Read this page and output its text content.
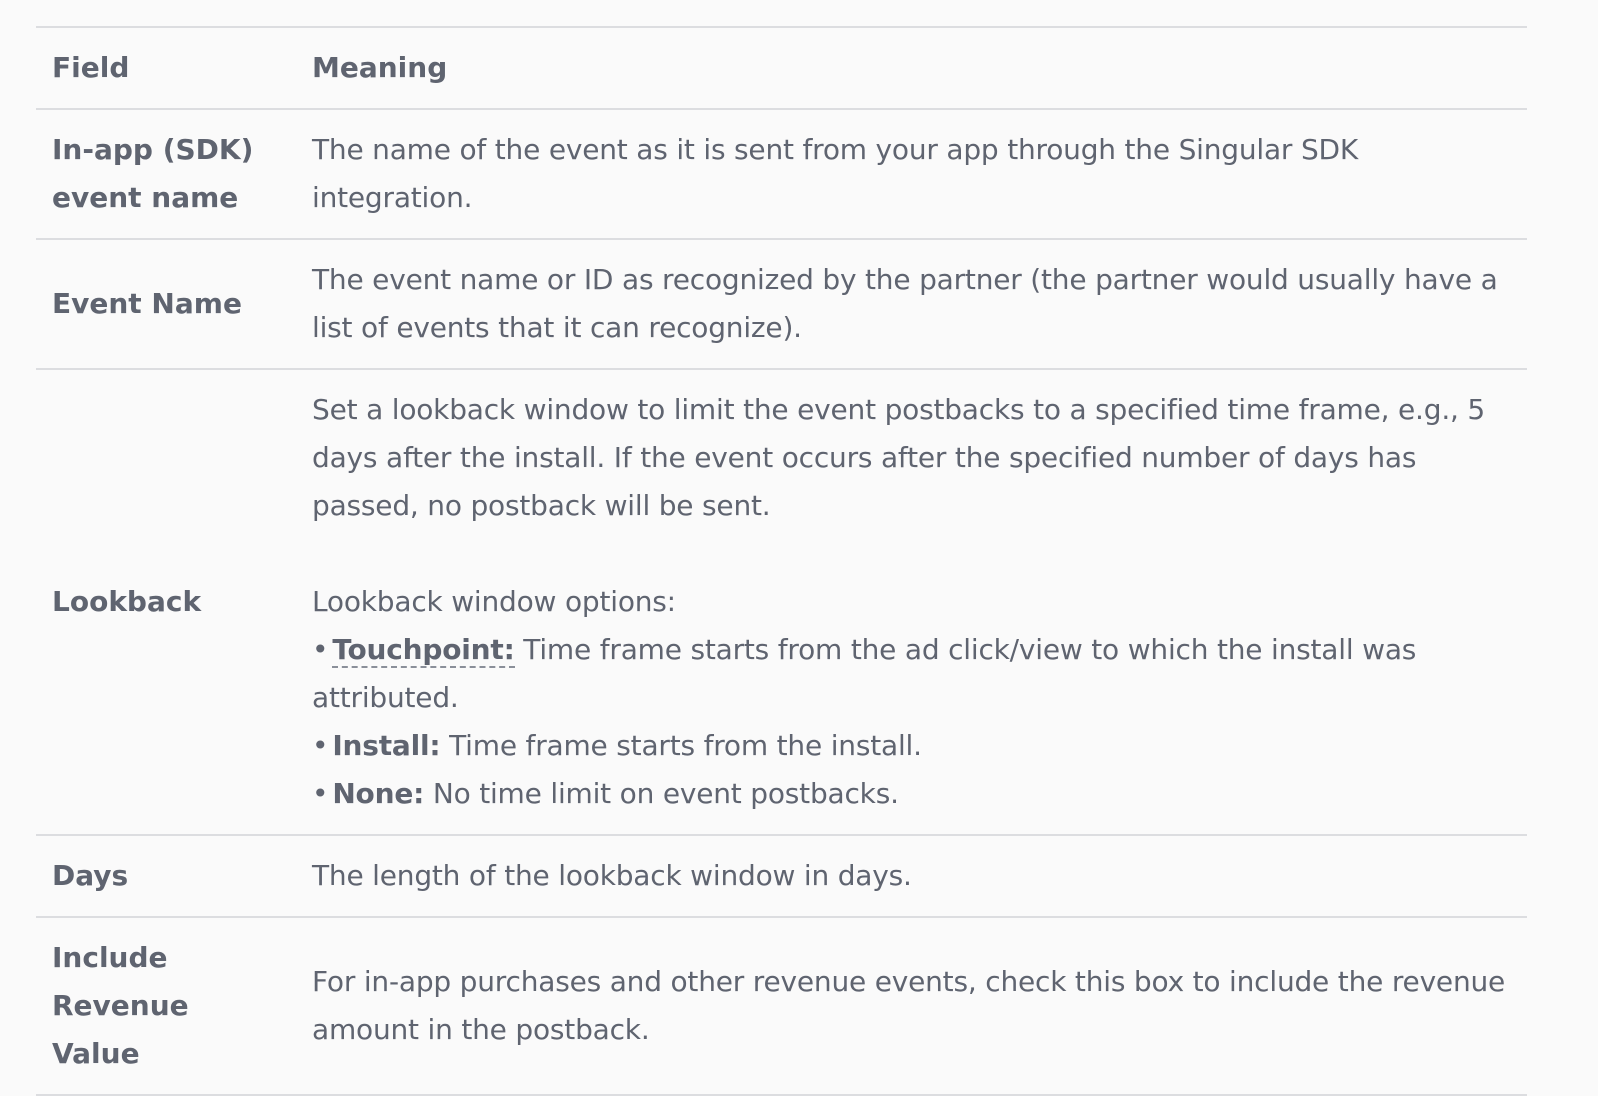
Field	Meaning
In-app (SDK) event name	The name of the event as it is sent from your app through the Singular SDK integration.
Event Name	The event name or ID as recognized by the partner (the partner would usually have a list of events that it can recognize).
Lookback	Set a lookback window to limit the event postbacks to a specified time frame, e.g., 5 days after the install. If the event occurs after the specified number of days has passed, no postback will be sent.
Lookback window options:
• Touchpoint: Time frame starts from the ad click/view to which the install was attributed.
• Install: Time frame starts from the install.
• None: No time limit on event postbacks.

Days	The length of the lookback window in days.
Include Revenue Value	For in-app purchases and other revenue events, check this box to include the revenue amount in the postback.
